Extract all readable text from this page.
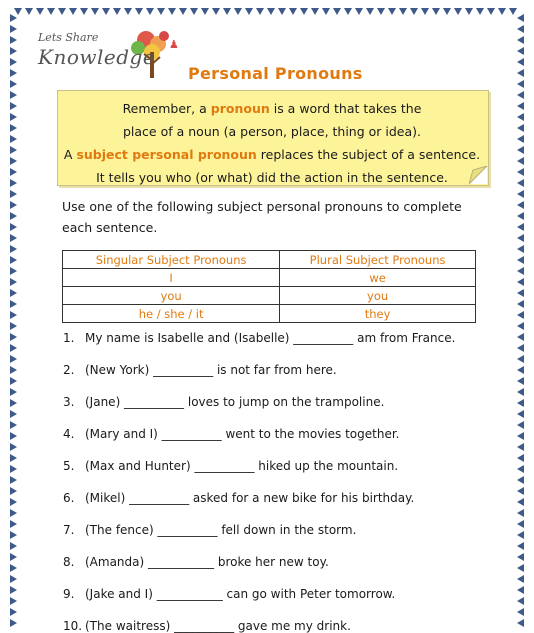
♟
Lets Share
Knowledge
Personal Pronouns
Remember, a pronoun is a word that takes the
place of a noun (a person, place, thing or idea).
A subject personal pronoun replaces the subject of a sentence.
It tells you who (or what) did the action in the sentence.
Use one of the following subject personal pronouns to complete each sentence.
Singular Subject Pronouns	Plural Subject Pronouns
I	we
you	you
he / she / it	they
1. My name is Isabelle and (Isabelle) __________ am from France.
2. (New York) __________ is not far from here.
3. (Jane) __________ loves to jump on the trampoline.
4. (Mary and I) __________ went to the movies together.
5. (Max and Hunter) __________ hiked up the mountain.
6. (Mikel) __________ asked for a new bike for his birthday.
7. (The fence) __________ fell down in the storm.
8. (Amanda) ___________ broke her new toy.
9. (Jake and I) ___________ can go with Peter tomorrow.
10. (The waitress) __________ gave me my drink.
